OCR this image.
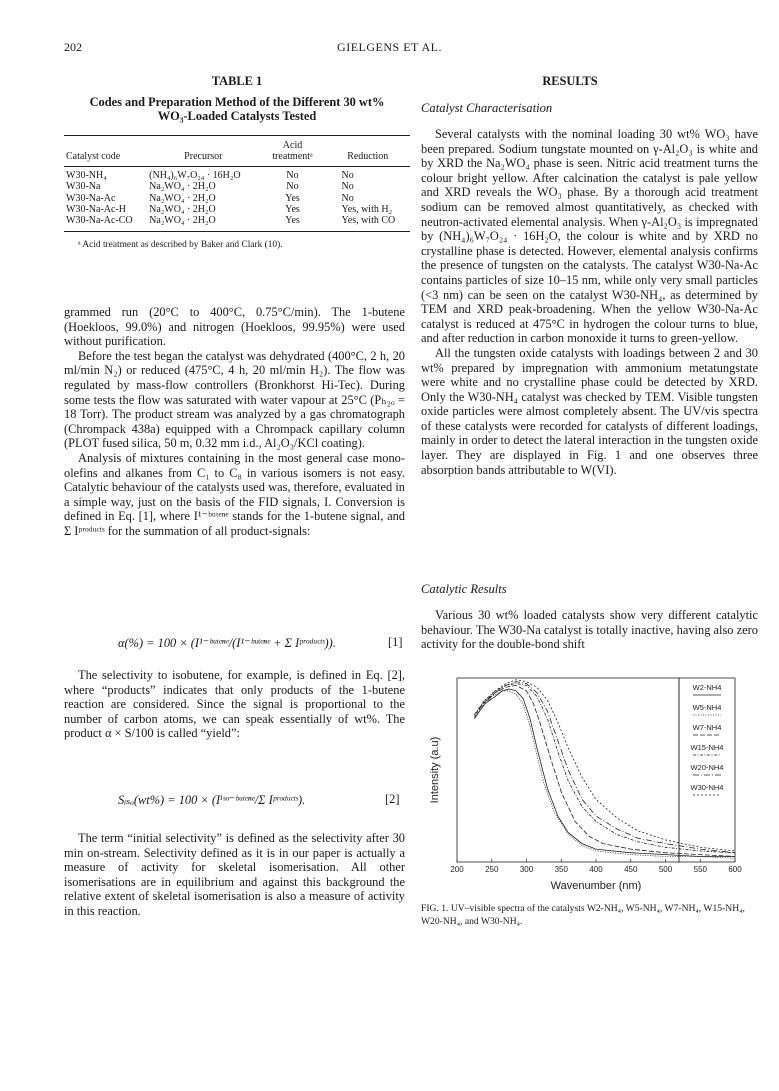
202	GIELGENS ET AL.
TABLE 1
Codes and Preparation Method of the Different 30 wt% WO₃-Loaded Catalysts Tested

Catalyst code	Precursor	Acid treatmentᵃ	Reduction
W30-NH₄	(NH₄)₆W₇O₂₄ · 16H₂O	No	No
W30-Na	Na₂WO₄ · 2H₂O	No	No
W30-Na-Ac	Na₂WO₄ · 2H₂O	Yes	No
W30-Na-Ac-H	Na₂WO₄ · 2H₂O	Yes	Yes, with H₂
W30-Na-Ac-CO	Na₂WO₄ · 2H₂O	Yes	Yes, with CO
ᵃ Acid treatment as described by Baker and Clark (10).

grammed run (20°C to 400°C, 0.75°C/min). The 1-butene (Hoekloos, 99.0%) and nitrogen (Hoekloos, 99.95%) were used without purification.

Before the test began the catalyst was dehydrated (400°C, 2 h, 20 ml/min N₂) or reduced (475°C, 4 h, 20 ml/min H₂). The flow was regulated by mass-flow controllers (Bronkhorst Hi-Tec). During some tests the flow was saturated with water vapour at 25°C (Pₕ₂ₒ = 18 Torr). The product stream was analyzed by a gas chromatograph (Chrompack 438a) equipped with a Chrompack capillary column (PLOT fused silica, 50 m, 0.32 mm i.d., Al₂O₃/KCl coating).

Analysis of mixtures containing in the most general case mono-olefins and alkanes from C₁ to C₈ in various isomers is not easy. Catalytic behaviour of the catalysts used was, therefore, evaluated in a simple way, just on the basis of the FID signals, I. Conversion is defined in Eq. [1], where I¹⁻ᵇᵘᵗᵉⁿᵉ stands for the 1-butene signal, and Σ Iᵖʳᵒᵈᵘᶜᵗˢ for the summation of all product-signals:

α(%) = 100 × (I¹⁻ᵇᵘᵗᵉⁿᵉ/(I¹⁻ᵇᵘᵗᵉⁿᵉ + Σ Iᵖʳᵒᵈᵘᶜᵗˢ)).	[1]

The selectivity to isobutene, for example, is defined in Eq. [2], where “products” indicates that only products of the 1-butene reaction are considered. Since the signal is proportional to the number of carbon atoms, we can speak essentially of wt%. The product α × S/100 is called “yield”:

Sᵢₛₒ(wt%) = 100 × (Iⁱˢᵒ⁻ᵇᵘᵗᵉⁿᵉ/Σ Iᵖʳᵒᵈᵘᶜᵗˢ).	[2]

The term “initial selectivity” is defined as the selectivity after 30 min on-stream. Selectivity defined as it is in our paper is actually a measure of activity for skeletal isomerisation. All other isomerisations are in equilibrium and against this background the relative extent of skeletal isomerisation is also a measure of activity in this reaction.

RESULTS
Catalyst Characterisation

Several catalysts with the nominal loading 30 wt% WO₃ have been prepared. Sodium tungstate mounted on γ-Al₂O₃ is white and by XRD the Na₂WO₄ phase is seen. Nitric acid treatment turns the colour bright yellow. After calcination the catalyst is pale yellow and XRD reveals the WO₃ phase. By a thorough acid treatment sodium can be removed almost quantitatively, as checked with neutron-activated elemental analysis. When γ-Al₂O₃ is impregnated by (NH₄)₆W₇O₂₄ · 16H₂O, the colour is white and by XRD no crystalline phase is detected. However, elemental analysis confirms the presence of tungsten on the catalysts. The catalyst W30-Na-Ac contains particles of size 10–15 nm, while only very small particles (<3 nm) can be seen on the catalyst W30-NH₄, as determined by TEM and XRD peak-broadening. When the yellow W30-Na-Ac catalyst is reduced at 475°C in hydrogen the colour turns to blue, and after reduction in carbon monoxide it turns to green-yellow.

All the tungsten oxide catalysts with loadings between 2 and 30 wt% prepared by impregnation with ammonium metatungstate were white and no crystalline phase could be detected by XRD. Only the W30-NH₄ catalyst was checked by TEM. Visible tungsten oxide particles were almost completely absent. The UV/vis spectra of these catalysts were recorded for catalysts of different loadings, mainly in order to detect the lateral interaction in the tungsten oxide layer. They are displayed in Fig. 1 and one observes three absorption bands attributable to W(VI).

Catalytic Results

Various 30 wt% loaded catalysts show very different catalytic behaviour. The W30-Na catalyst is totally inactive, having also zero activity for the double-bond shift

200	250	300	350	400	450	500	550	600
W2-NH4
W5-NH4
W7-NH4
W15-NH4
W20-NH4
W30-NH4
Wavenumber (nm)
Intensity (a.u)
FIG. 1. UV–visible spectra of the catalysts W2-NH₄, W5-NH₄, W7-NH₄, W15-NH₄, W20-NH₄, and W30-NH₄.
